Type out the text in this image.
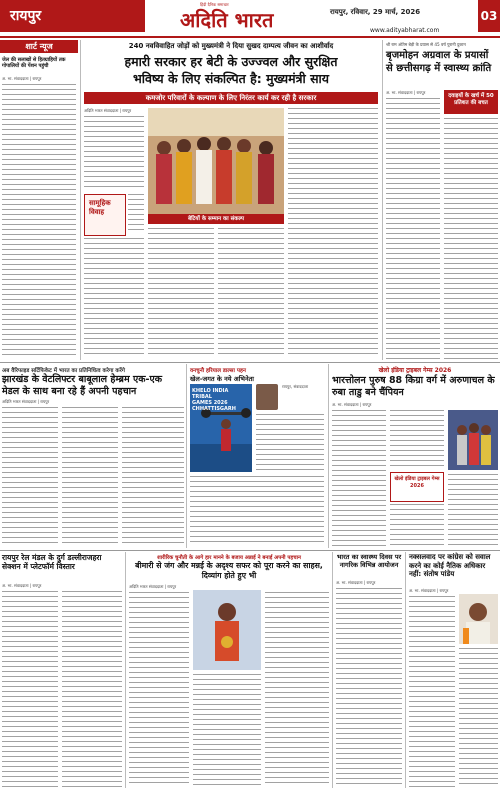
रायपुर
हिंदी दैनिक समाचार
अदिति भारत	रायपुर, रविवार, 29 मार्च, 2026	03
www.adityabharat.com
शार्ट न्यूज
जेल की सलाखों से हितग्राहियों तक गोपालियों की पेंशन पहुंची
अ. भा. संवाददाता | रायपुर
240 नवविवाहित जोड़ों को मुख्यमंत्री ने दिया सुखद दाम्पत्य जीवन का आशीर्वाद
हमारी सरकार हर बेटी के उज्ज्वल और सुरक्षित
भविष्य के लिए संकल्पित है: मुख्यमंत्री साय
कमजोर परिवारों के कल्याण के लिए निरंतर कार्य कर रही है सरकार
अदिति भारत संवाददाता | रायपुर
सामूहिक विवाह
बेटियों के सम्मान का संकल्प
श्री राम अंतिम बेड़ी के प्रयास से 45 वर्ष पुरानी दुकान
बृजमोहन अग्रवाल के प्रयासों से छत्तीसगढ़ में स्वास्थ्य क्रांति
अ. भा. संवाददाता | रायपुर
दवाइयों के खर्च में 50 प्रतिशत की बचत
अब वैरिफाइड सर्टिफिकेट में भारत का प्रतिनिधित्व करेगा करेंगे
झारखंड के वेटलिफ्टर बाबूलाल हेम्ब्रम एक-एक मेडल के साथ बना रहे हैं अपनी पहचान
अदिति भारत संवाददाता | रायपुर
वनचुनौ हरियाल डाल्सा पहन
खेल-जगत के नये अभिनेता
KHELO INDIA TRIBAL GAMES 2026 CHHATTISGARH
रायपुर, संवाददाता
खेलो इंडिया ट्राइबल गेम्स 2026
भारत्तोलन पुरुष 88 किग्रा वर्ग में अरुणाचल के रुबा ताडु बने चैंपियन
अ. भा. संवाददाता | रायपुर
खेलो इंडिया ट्राइबल गेम्स 2026
रायपुर रेल मंडल के दुर्ग डल्लीराजहरा सेक्शन में प्लेटफॉर्म विस्तार
अ. भा. संवाददाता | रायपुर
शारीरिक चुनौती के आगे हार मानने के बजाय अन्नाई ने बनाई अपनी पहचान
बीमारी से जंग और मन्नई के अदृश्य सफर को पूरा करने का साहस, दिव्यांग होते हुए भी
अदिति भारत संवाददाता | रायपुर
भारत का स्वास्थ्य दिवस पर नागरिक विभिन्न आयोजन
अ. भा. संवाददाता | रायपुर
नक्सलवाद पर कांग्रेस को सवाल करने का कोई नैतिक अधिकार नहीं: संतोष पांडेय
अ. भा. संवाददाता | रायपुर
